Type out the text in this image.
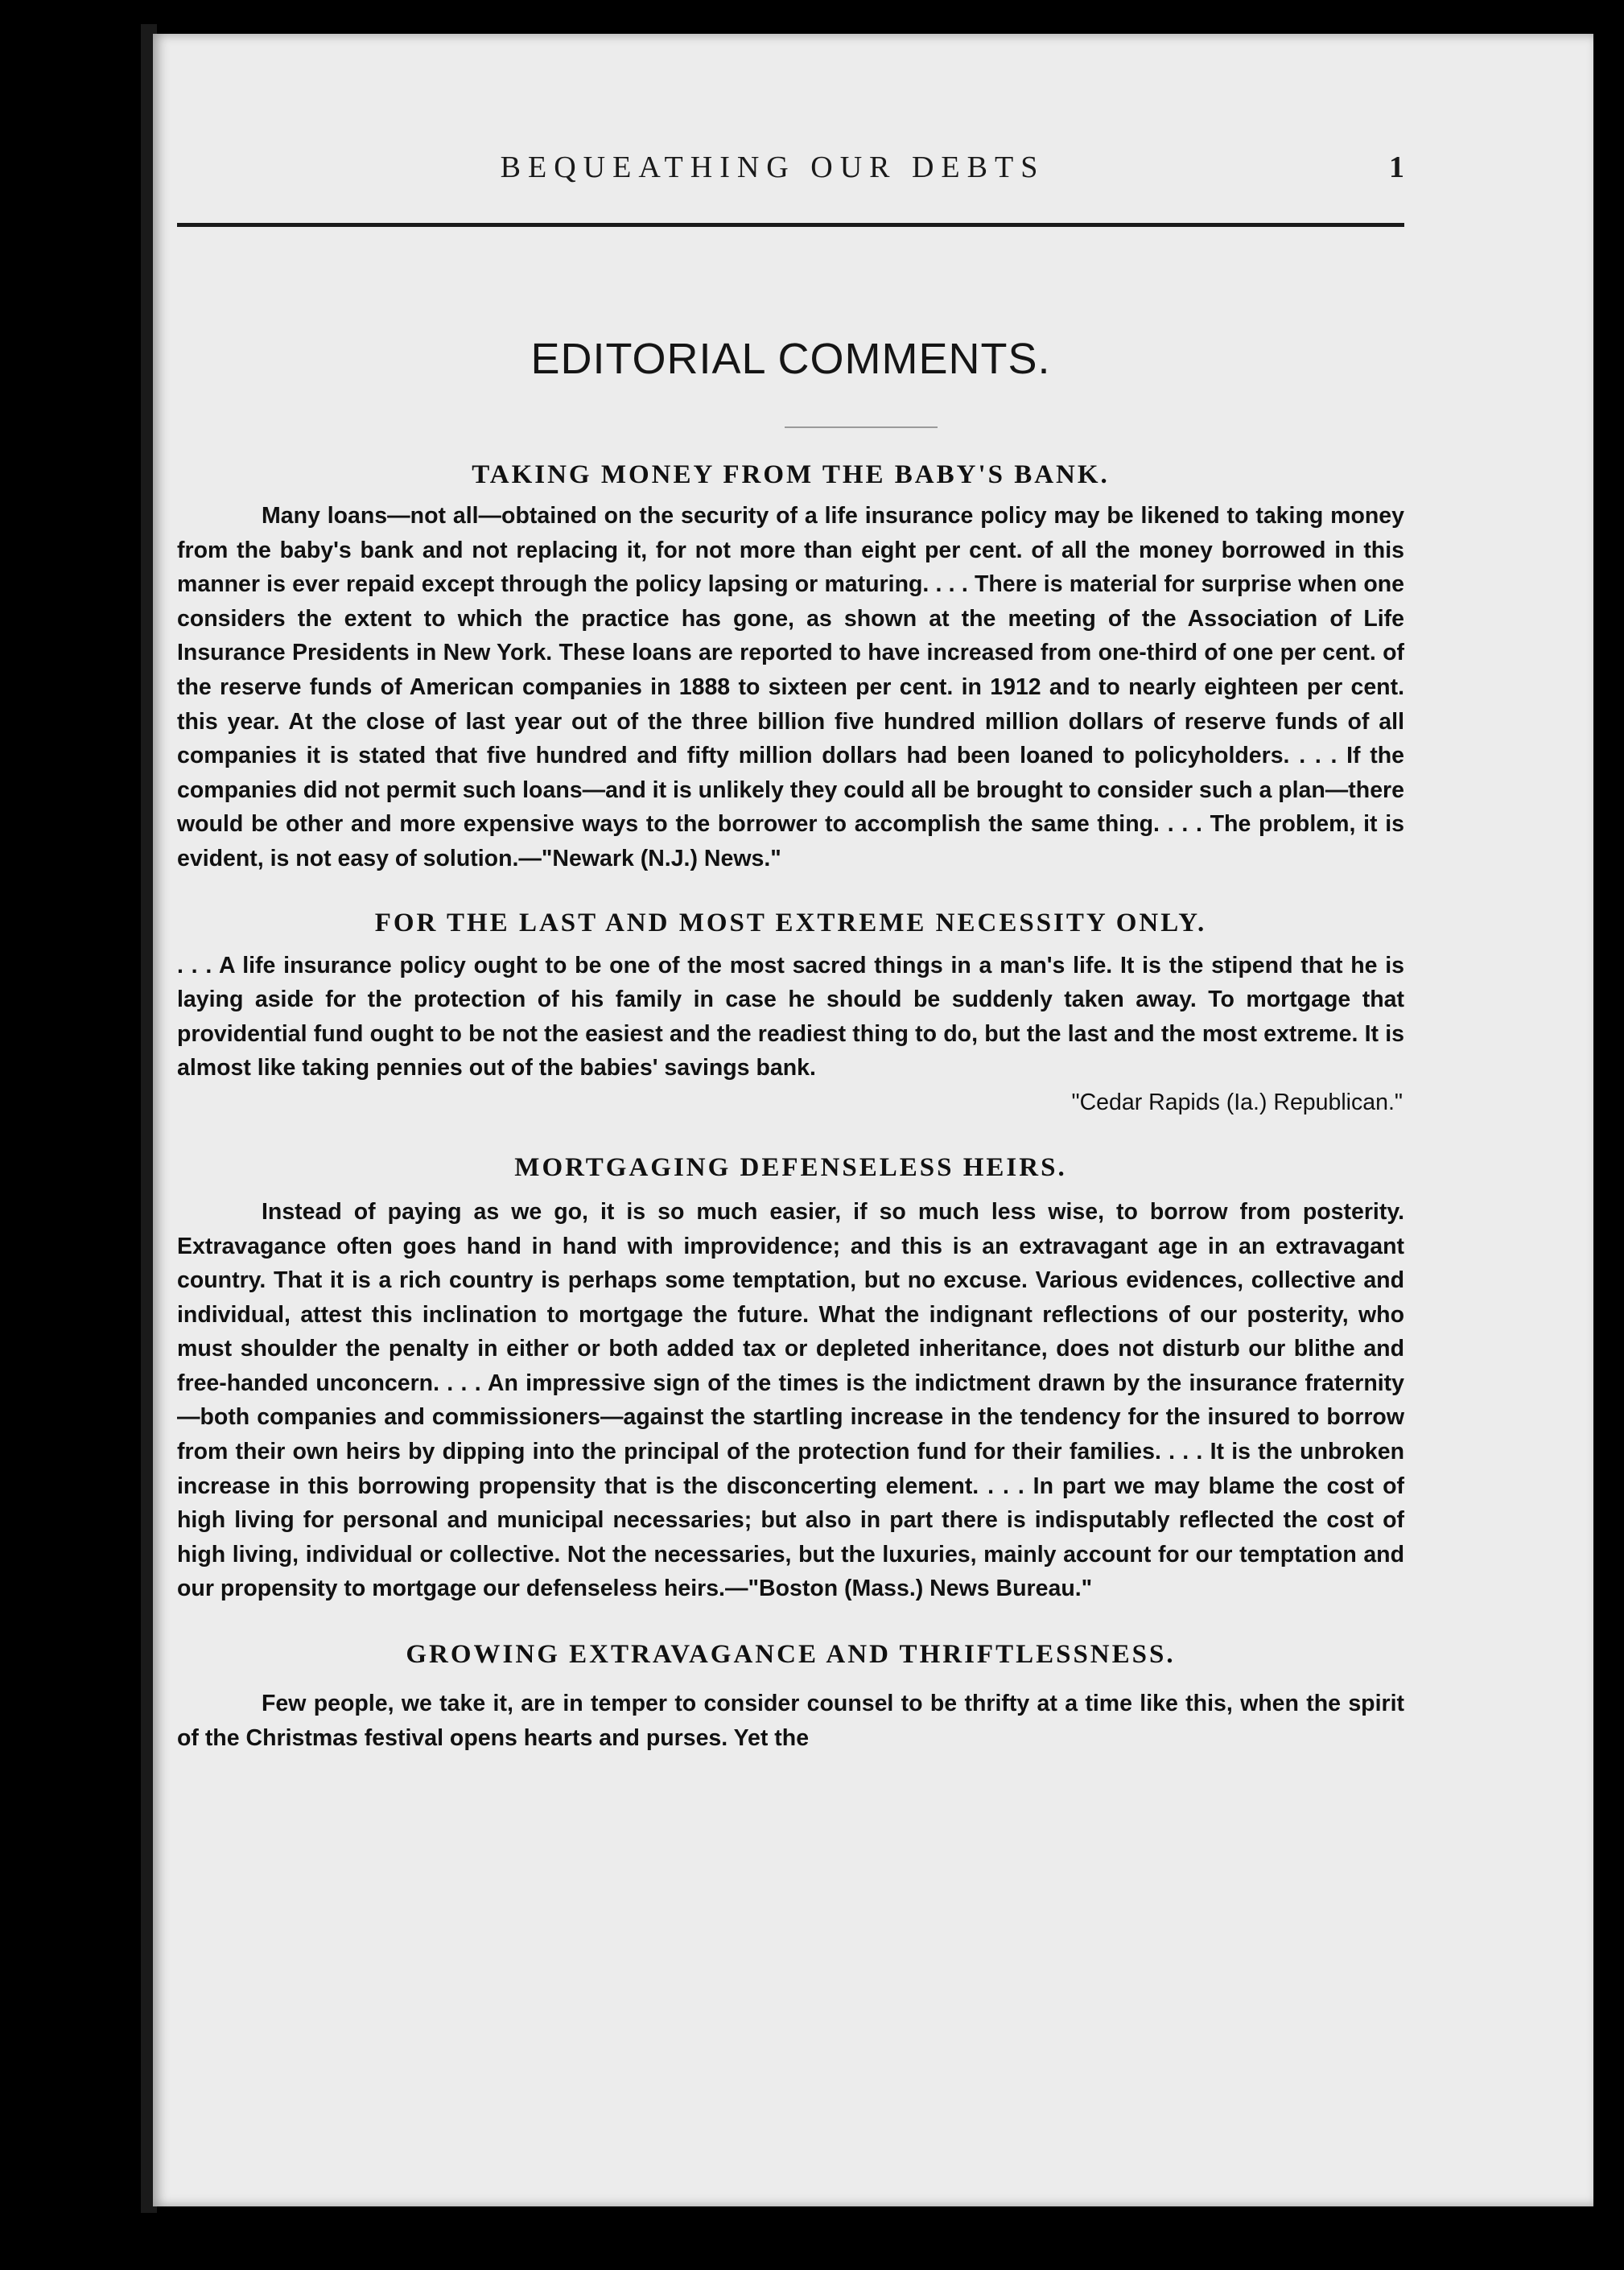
BEQUEATHING OUR DEBTS	1
EDITORIAL COMMENTS.
TAKING MONEY FROM THE BABY'S BANK.

Many loans—not all—obtained on the security of a life insurance policy may be likened to taking money from the baby's bank and not replacing it, for not more than eight per cent. of all the money borrowed in this manner is ever repaid except through the policy lapsing or maturing. . . . There is material for surprise when one considers the extent to which the practice has gone, as shown at the meeting of the Association of Life Insurance Presidents in New York. These loans are reported to have increased from one-third of one per cent. of the reserve funds of American companies in 1888 to sixteen per cent. in 1912 and to nearly eighteen per cent. this year. At the close of last year out of the three billion five hundred million dollars of reserve funds of all companies it is stated that five hundred and fifty million dollars had been loaned to policyholders. . . . If the companies did not permit such loans—and it is unlikely they could all be brought to consider such a plan—there would be other and more expensive ways to the borrower to accomplish the same thing. . . . The problem, it is evident, is not easy of solution.—"Newark (N.J.) News."

FOR THE LAST AND MOST EXTREME NECESSITY ONLY.

. . . A life insurance policy ought to be one of the most sacred things in a man's life. It is the stipend that he is laying aside for the protection of his family in case he should be suddenly taken away. To mortgage that providential fund ought to be not the easiest and the readiest thing to do, but the last and the most extreme. It is almost like taking pennies out of the babies' savings bank.

"Cedar Rapids (Ia.) Republican."

MORTGAGING DEFENSELESS HEIRS.

Instead of paying as we go, it is so much easier, if so much less wise, to borrow from posterity. Extravagance often goes hand in hand with improvidence; and this is an extravagant age in an extravagant country. That it is a rich country is perhaps some temptation, but no excuse. Various evidences, collective and individual, attest this inclination to mortgage the future. What the indignant reflections of our posterity, who must shoulder the penalty in either or both added tax or depleted inheritance, does not disturb our blithe and free-handed unconcern. . . . An impressive sign of the times is the indictment drawn by the insurance fraternity—both companies and commissioners—against the startling increase in the tendency for the insured to borrow from their own heirs by dipping into the principal of the protection fund for their families. . . . It is the unbroken increase in this borrowing propensity that is the disconcerting element. . . . In part we may blame the cost of high living for personal and municipal necessaries; but also in part there is indisputably reflected the cost of high living, individual or collective. Not the necessaries, but the luxuries, mainly account for our temptation and our propensity to mortgage our defenseless heirs.—"Boston (Mass.) News Bureau."

GROWING EXTRAVAGANCE AND THRIFTLESSNESS.

Few people, we take it, are in temper to consider counsel to be thrifty at a time like this, when the spirit of the Christmas festival opens hearts and purses. Yet the
